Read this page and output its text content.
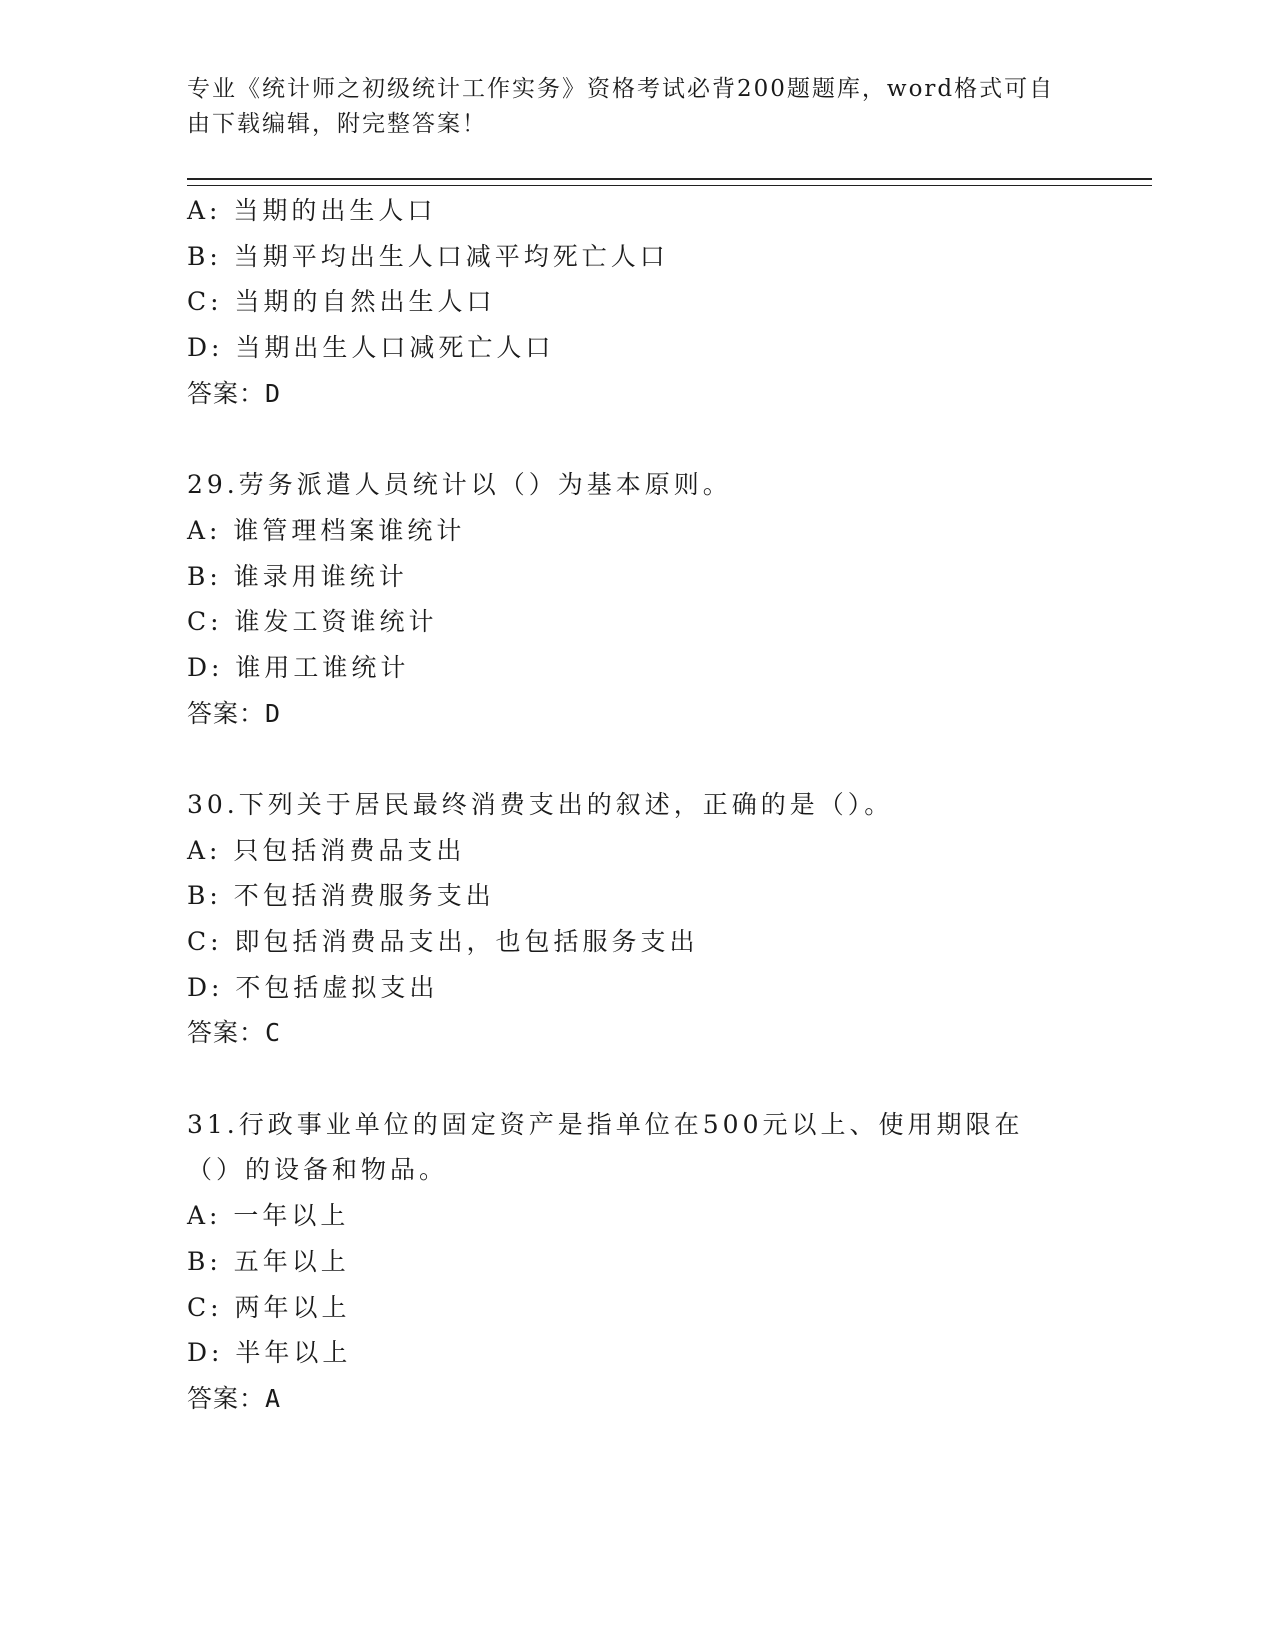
专业《统计师之初级统计工作实务》资格考试必背200题题库，word格式可自由下载编辑，附完整答案！
A: 当期的出生人口
B: 当期平均出生人口减平均死亡人口
C: 当期的自然出生人口
D: 当期出生人口减死亡人口
答案：D
29.劳务派遣人员统计以（）为基本原则。
A: 谁管理档案谁统计
B: 谁录用谁统计
C: 谁发工资谁统计
D: 谁用工谁统计
答案：D
30.下列关于居民最终消费支出的叙述，正确的是（）。
A: 只包括消费品支出
B: 不包括消费服务支出
C: 即包括消费品支出，也包括服务支出
D: 不包括虚拟支出
答案：C
31.行政事业单位的固定资产是指单位在500元以上、使用期限在（）的设备和物品。
A: 一年以上
B: 五年以上
C: 两年以上
D: 半年以上
答案：A
